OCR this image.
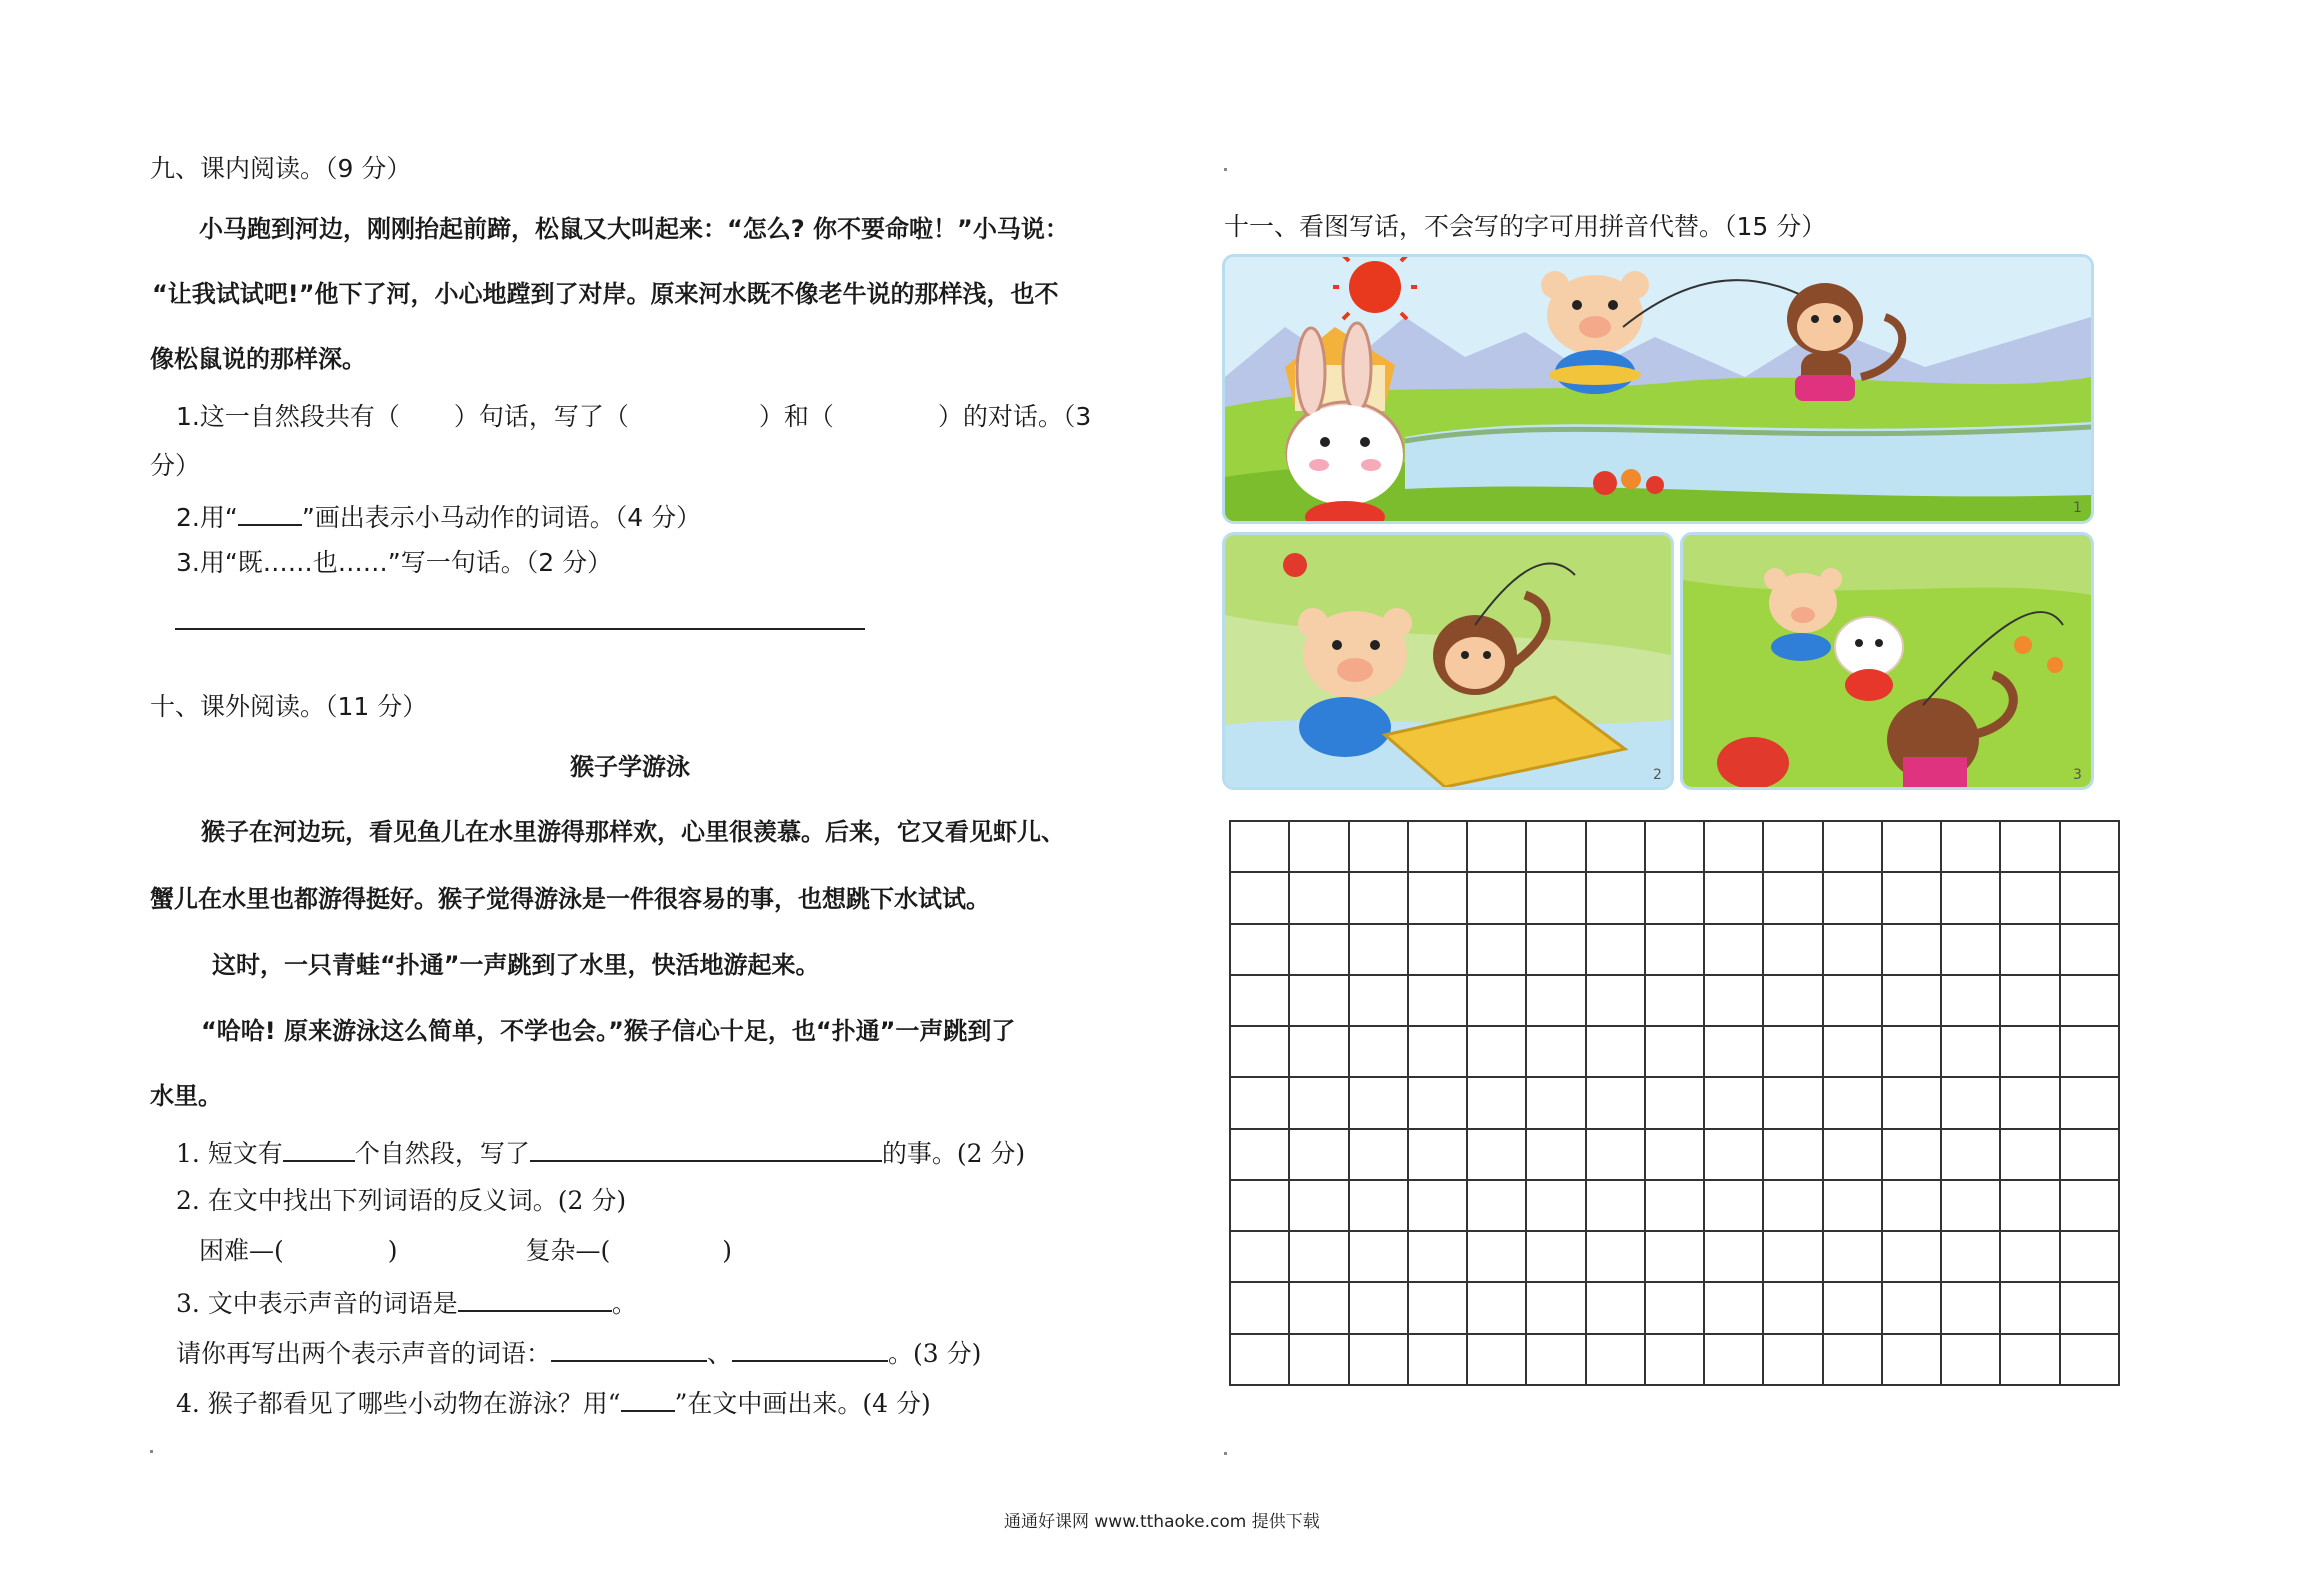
九、课内阅读。（9 分）
小马跑到河边，刚刚抬起前蹄，松鼠又大叫起来：“怎么? 你不要命啦！”小马说：
“让我试试吧!”他下了河，小心地蹚到了对岸。原来河水既不像老牛说的那样浅，也不
像松鼠说的那样深。
1.这一自然段共有（ ）句话，写了（	）和（	）的对话。（3
分）
2.用“	”画出表示小马动作的词语。（4 分）
3.用“既……也……”写一句话。（2 分）
十、课外阅读。（11 分）
猴子学游泳
猴子在河边玩，看见鱼儿在水里游得那样欢，心里很羡慕。后来，它又看见虾儿、
蟹儿在水里也都游得挺好。猴子觉得游泳是一件很容易的事，也想跳下水试试。
这时，一只青蛙“扑通”一声跳到了水里，快活地游起来。
“哈哈! 原来游泳这么简单，不学也会。”猴子信心十足，也“扑通”一声跳到了
水里。
1. 短文有	个自然段，写了	的事。(2 分)
2. 在文中找出下列词语的反义词。(2 分)
困难—(	)	复杂—(	)
3. 文中表示声音的词语是	。
请你再写出两个表示声音的词语：	、	。(3 分)
4. 猴子都看见了哪些小动物在游泳？用“ ”在文中画出来。(4 分)
十一、看图写话，不会写的字可用拼音代替。（15 分）
1
2	3
通通好课网 www.tthaoke.com 提供下载
